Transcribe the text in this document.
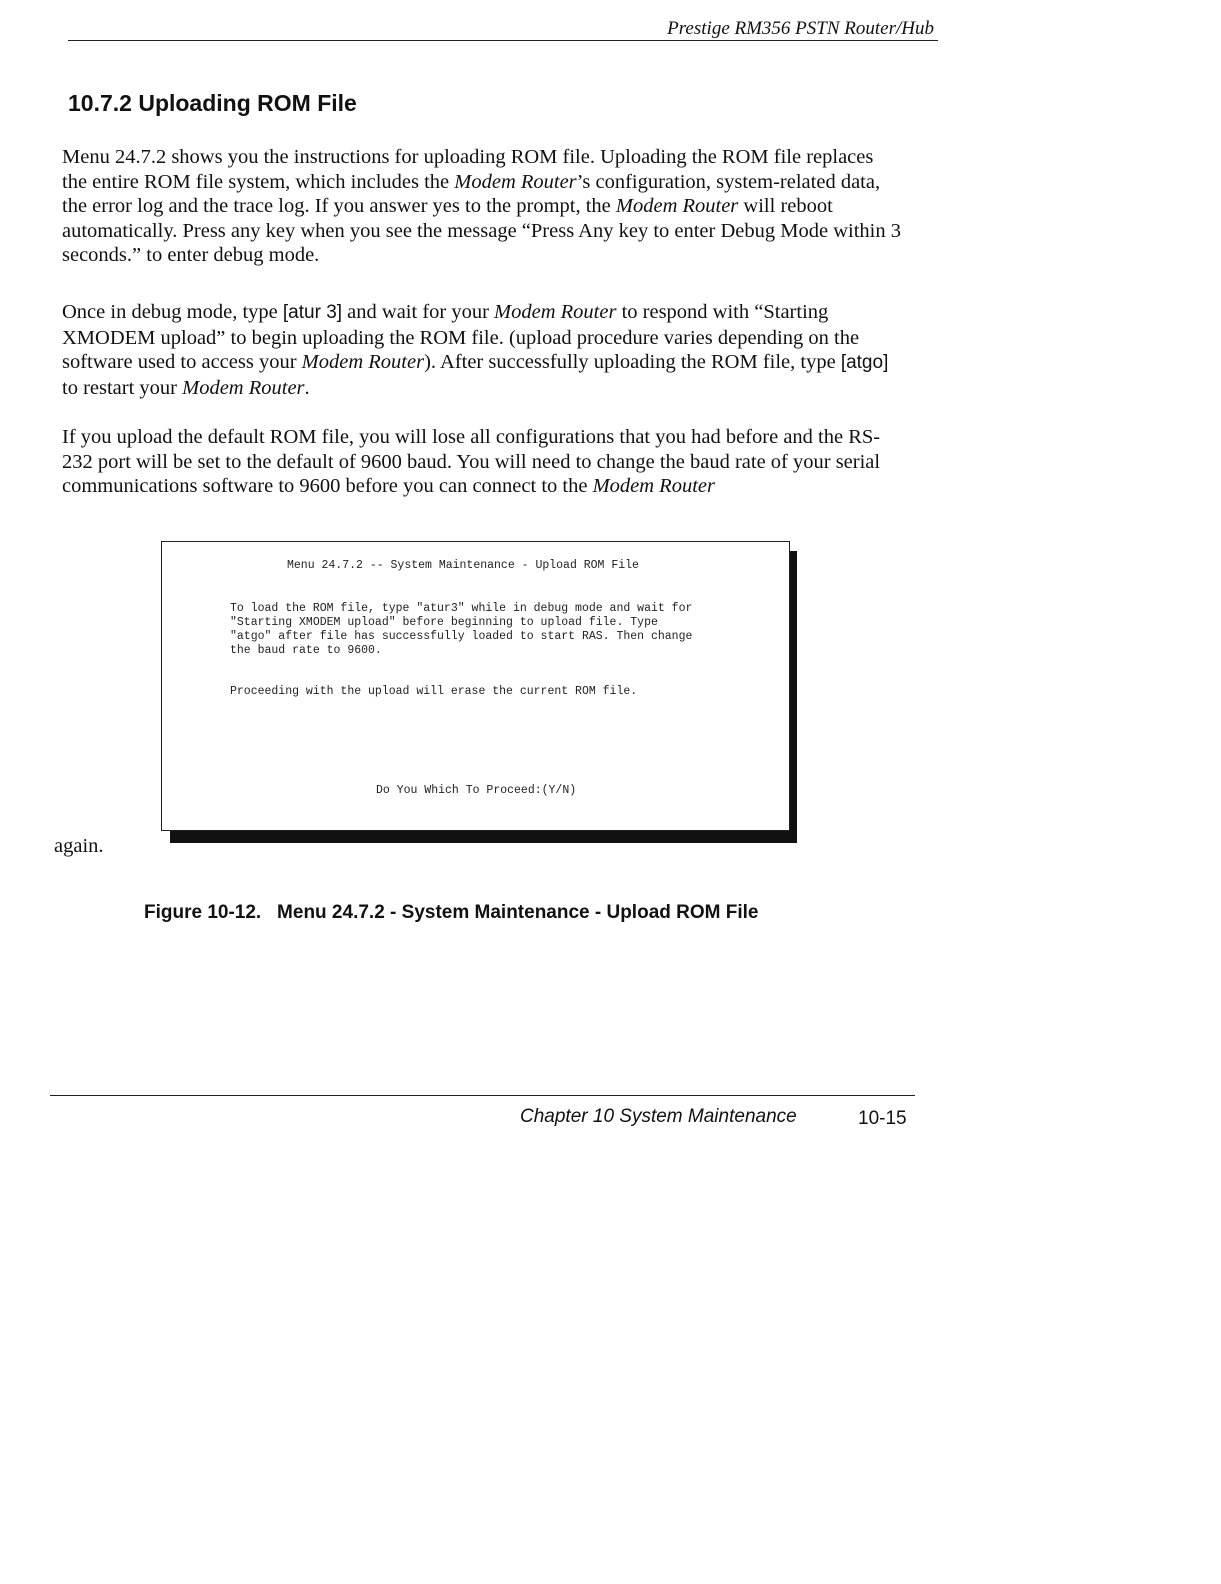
Prestige RM356 PSTN Router/Hub
10.7.2 Uploading ROM File

Menu 24.7.2 shows you the instructions for uploading ROM file. Uploading the ROM file replaces the entire ROM file system, which includes the Modem Router’s configuration, system-related data, the error log and the trace log. If you answer yes to the prompt, the Modem Router will reboot automatically. Press any key when you see the message “Press Any key to enter Debug Mode within 3 seconds.” to enter debug mode.

Once in debug mode, type [atur 3] and wait for your Modem Router to respond with “Starting XMODEM upload” to begin uploading the ROM file. (upload procedure varies depending on the software used to access your Modem Router). After successfully uploading the ROM file, type [atgo] to restart your Modem Router.

If you upload the default ROM file, you will lose all configurations that you had before and the RS-232 port will be set to the default of 9600 baud. You will need to change the baud rate of your serial communications software to 9600 before you can connect to the Modem Router

Menu 24.7.2 -- System Maintenance - Upload ROM File

To load the ROM file, type "atur3" while in debug mode and wait for
"Starting XMODEM upload" before beginning to upload file. Type
"atgo" after file has successfully loaded to start RAS. Then change
the baud rate to 9600.

Proceeding with the upload will erase the current ROM file.
Do You Which To Proceed:(Y/N)
again.
Figure 10-12.   Menu 24.7.2 - System Maintenance - Upload ROM File
Chapter 10 System Maintenance	10-15
